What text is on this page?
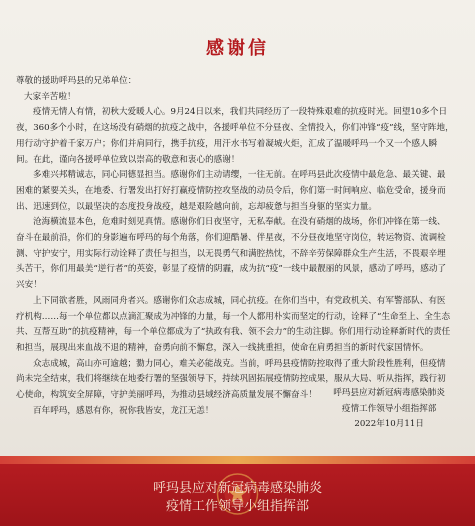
感谢信

尊敬的援助呼玛县的兄弟单位：

大家辛苦啦！

疫情无情人有情，初秋大爱暖人心。9月24日以来，我们共同经历了一段特殊艰难的抗疫时光。回望10多个日夜，360多个小时，在这场没有硝烟的抗疫之战中，各援呼单位不分昼夜、全情投入，你们冲锋“疫”线，坚守阵地，用行动守护着千家万户；你们并肩同行，携手抗疫，用汗水书写着凝城火炬，汇成了温暖呼玛一个又一个感人瞬间。在此，谨向各援呼单位致以崇高的敬意和衷心的感谢！

多难兴邦精诚志，同心同德显担当。感谢你们主动请缨，一往无前。在呼玛县此次疫情中最危急、最关键、最困难的紧要关头，在地委、行署发出打好打赢疫情防控攻坚战的动员令后，你们第一时间响应、临危受命，援身而出、迅速到位，以最坚决的态度投身战疫，越是艰险越向前，忘却疲惫与担当身躯的坚实力量。

沧海横流显本色，危难时刻见真情。感谢你们日夜坚守，无私奉献。在没有硝烟的战场，你们冲锋在第一线、奋斗在最前沿，你们的身影遍布呼玛的每个角落，你们迎酷暑、伴星夜，不分昼夜地坚守岗位，转运物资、流调检测、守护安宁，用实际行动诠释了责任与担当，以无畏勇气和满腔热忱，不辞辛劳保障群众生产生活，不畏艰辛埋头苦干，你们用最美“逆行者”的英姿，彰显了疫情的阴霾，成为抗“疫”一线中最靓丽的风景，感动了呼玛，感动了兴安！

上下同欲者胜，风雨同舟者兴。感谢你们众志成城，同心抗疫。在你们当中，有党政机关、有军警部队、有医疗机构……每一个单位都以点滴汇聚成为冲锋的力量，每一个人都用朴实而坚定的行动，诠释了“生命至上、全生态共、互帮互助”的抗疫精神，每一个单位都成为了“执政有我、领不会力”的生动注脚。你们用行动诠释新时代的责任和担当，展现出来血战不退的精神，奋勇向前不懈怠，深入一线挑重担，使命在肩勇担当的新时代家国情怀。

众志成城，高山亦可逾越；勠力同心，难关必能战克。当前，呼玛县疫情防控取得了重大阶段性胜利，但疫情尚未完全结束，我们将继续在地委行署的坚强领导下，持续巩固拓展疫情防控成果，服从大局、听从指挥，践行初心使命，构筑安全屏障，守护美丽呼玛，为推动县域经济高质量发展不懈奋斗！

百年呼玛，感恩有你，祝你我皆安，龙江无恙！

呼玛县应对新冠病毒感染肺炎
疫情工作领导小组指挥部
2022年10月11日
呼玛县应对新冠病毒感染肺炎
疫情工作领导小组指挥部
